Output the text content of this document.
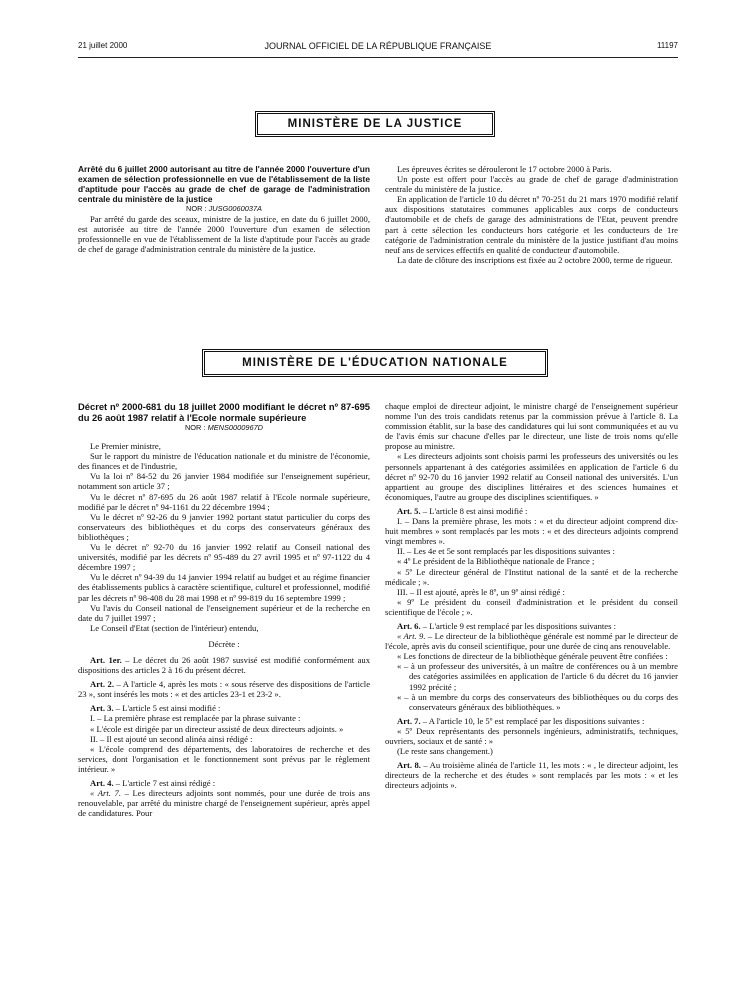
21 juillet 2000	JOURNAL OFFICIEL DE LA RÉPUBLIQUE FRANÇAISE	11197
MINISTÈRE DE LA JUSTICE

Arrêté du 6 juillet 2000 autorisant au titre de l'année 2000 l'ouverture d'un examen de sélection professionnelle en vue de l'établissement de la liste d'aptitude pour l'accès au grade de chef de garage de l'administration centrale du ministère de la justice

NOR : JUSG0060037A

Par arrêté du garde des sceaux, ministre de la justice, en date du 6 juillet 2000, est autorisée au titre de l'année 2000 l'ouverture d'un examen de sélection professionnelle en vue de l'établissement de la liste d'aptitude pour l'accès au grade de chef de garage d'administration centrale du ministère de la justice.

Les épreuves écrites se dérouleront le 17 octobre 2000 à Paris.

Un poste est offert pour l'accès au grade de chef de garage d'administration centrale du ministère de la justice.

En application de l'article 10 du décret nº 70-251 du 21 mars 1970 modifié relatif aux dispositions statutaires communes applicables aux corps de conducteurs d'automobile et de chefs de garage des administrations de l'Etat, peuvent prendre part à cette sélection les conducteurs hors catégorie et les conducteurs de 1re catégorie de l'administration centrale du ministère de la justice justifiant d'au moins neuf ans de services effectifs en qualité de conducteur d'automobile.

La date de clôture des inscriptions est fixée au 2 octobre 2000, terme de rigueur.

MINISTÈRE DE L'ÉDUCATION NATIONALE

Décret nº 2000-681 du 18 juillet 2000 modifiant le décret nº 87-695 du 26 août 1987 relatif à l'Ecole normale supérieure

NOR : MENS0000967D

Le Premier ministre,

Sur le rapport du ministre de l'éducation nationale et du ministre de l'économie, des finances et de l'industrie,

Vu la loi nº 84-52 du 26 janvier 1984 modifiée sur l'enseignement supérieur, notamment son article 37 ;

Vu le décret nº 87-695 du 26 août 1987 relatif à l'Ecole normale supérieure, modifié par le décret nº 94-1161 du 22 décembre 1994 ;

Vu le décret nº 92-26 du 9 janvier 1992 portant statut particulier du corps des conservateurs des bibliothèques et du corps des conservateurs généraux des bibliothèques ;

Vu le décret nº 92-70 du 16 janvier 1992 relatif au Conseil national des universités, modifié par les décrets nº 95-489 du 27 avril 1995 et nº 97-1122 du 4 décembre 1997 ;

Vu le décret nº 94-39 du 14 janvier 1994 relatif au budget et au régime financier des établissements publics à caractère scientifique, culturel et professionnel, modifié par les décrets nº 98-408 du 28 mai 1998 et nº 99-819 du 16 septembre 1999 ;

Vu l'avis du Conseil national de l'enseignement supérieur et de la recherche en date du 7 juillet 1997 ;

Le Conseil d'Etat (section de l'intérieur) entendu,

Décrète :

Art. 1er. – Le décret du 26 août 1987 susvisé est modifié conformément aux dispositions des articles 2 à 16 du présent décret.

Art. 2. – A l'article 4, après les mots : « sous réserve des dispositions de l'article 23 », sont insérés les mots : « et des articles 23-1 et 23-2 ».

Art. 3. – L'article 5 est ainsi modifié :

I. – La première phrase est remplacée par la phrase suivante :

« L'école est dirigée par un directeur assisté de deux directeurs adjoints. »

II. – Il est ajouté un second alinéa ainsi rédigé :

« L'école comprend des départements, des laboratoires de recherche et des services, dont l'organisation et le fonctionnement sont prévus par le règlement intérieur. »

Art. 4. – L'article 7 est ainsi rédigé :

« Art. 7. – Les directeurs adjoints sont nommés, pour une durée de trois ans renouvelable, par arrêté du ministre chargé de l'enseignement supérieur, après appel de candidatures. Pour

chaque emploi de directeur adjoint, le ministre chargé de l'enseignement supérieur nomme l'un des trois candidats retenus par la commission prévue à l'article 8. La commission établit, sur la base des candidatures qui lui sont communiquées et au vu de l'avis émis sur chacune d'elles par le directeur, une liste de trois noms qu'elle propose au ministre.

« Les directeurs adjoints sont choisis parmi les professeurs des universités ou les personnels appartenant à des catégories assimilées en application de l'article 6 du décret nº 92-70 du 16 janvier 1992 relatif au Conseil national des universités. L'un appartient au groupe des disciplines littéraires et des sciences humaines et économiques, l'autre au groupe des disciplines scientifiques. »

Art. 5. – L'article 8 est ainsi modifié :

I. – Dans la première phrase, les mots : « et du directeur adjoint comprend dix-huit membres » sont remplacés par les mots : « et des directeurs adjoints comprend vingt membres ».

II. – Les 4e et 5e sont remplacés par les dispositions suivantes :

« 4º Le président de la Bibliothèque nationale de France ;

« 5º Le directeur général de l'Institut national de la santé et de la recherche médicale ; ».

III. – Il est ajouté, après le 8º, un 9º ainsi rédigé :

« 9º Le président du conseil d'administration et le président du conseil scientifique de l'école ; ».

Art. 6. – L'article 9 est remplacé par les dispositions suivantes :

« Art. 9. – Le directeur de la bibliothèque générale est nommé par le directeur de l'école, après avis du conseil scientifique, pour une durée de cinq ans renouvelable.

« Les fonctions de directeur de la bibliothèque générale peuvent être confiées :

« – à un professeur des universités, à un maître de conférences ou à un membre des catégories assimilées en application de l'article 6 du décret du 16 janvier 1992 précité ;

« – à un membre du corps des conservateurs des bibliothèques ou du corps des conservateurs généraux des bibliothèques. »

Art. 7. – A l'article 10, le 5º est remplacé par les dispositions suivantes :

« 5º Deux représentants des personnels ingénieurs, administratifs, techniques, ouvriers, sociaux et de santé : »

(Le reste sans changement.)

Art. 8. – Au troisième alinéa de l'article 11, les mots : « , le directeur adjoint, les directeurs de la recherche et des études » sont remplacés par les mots : « et les directeurs adjoints ».
